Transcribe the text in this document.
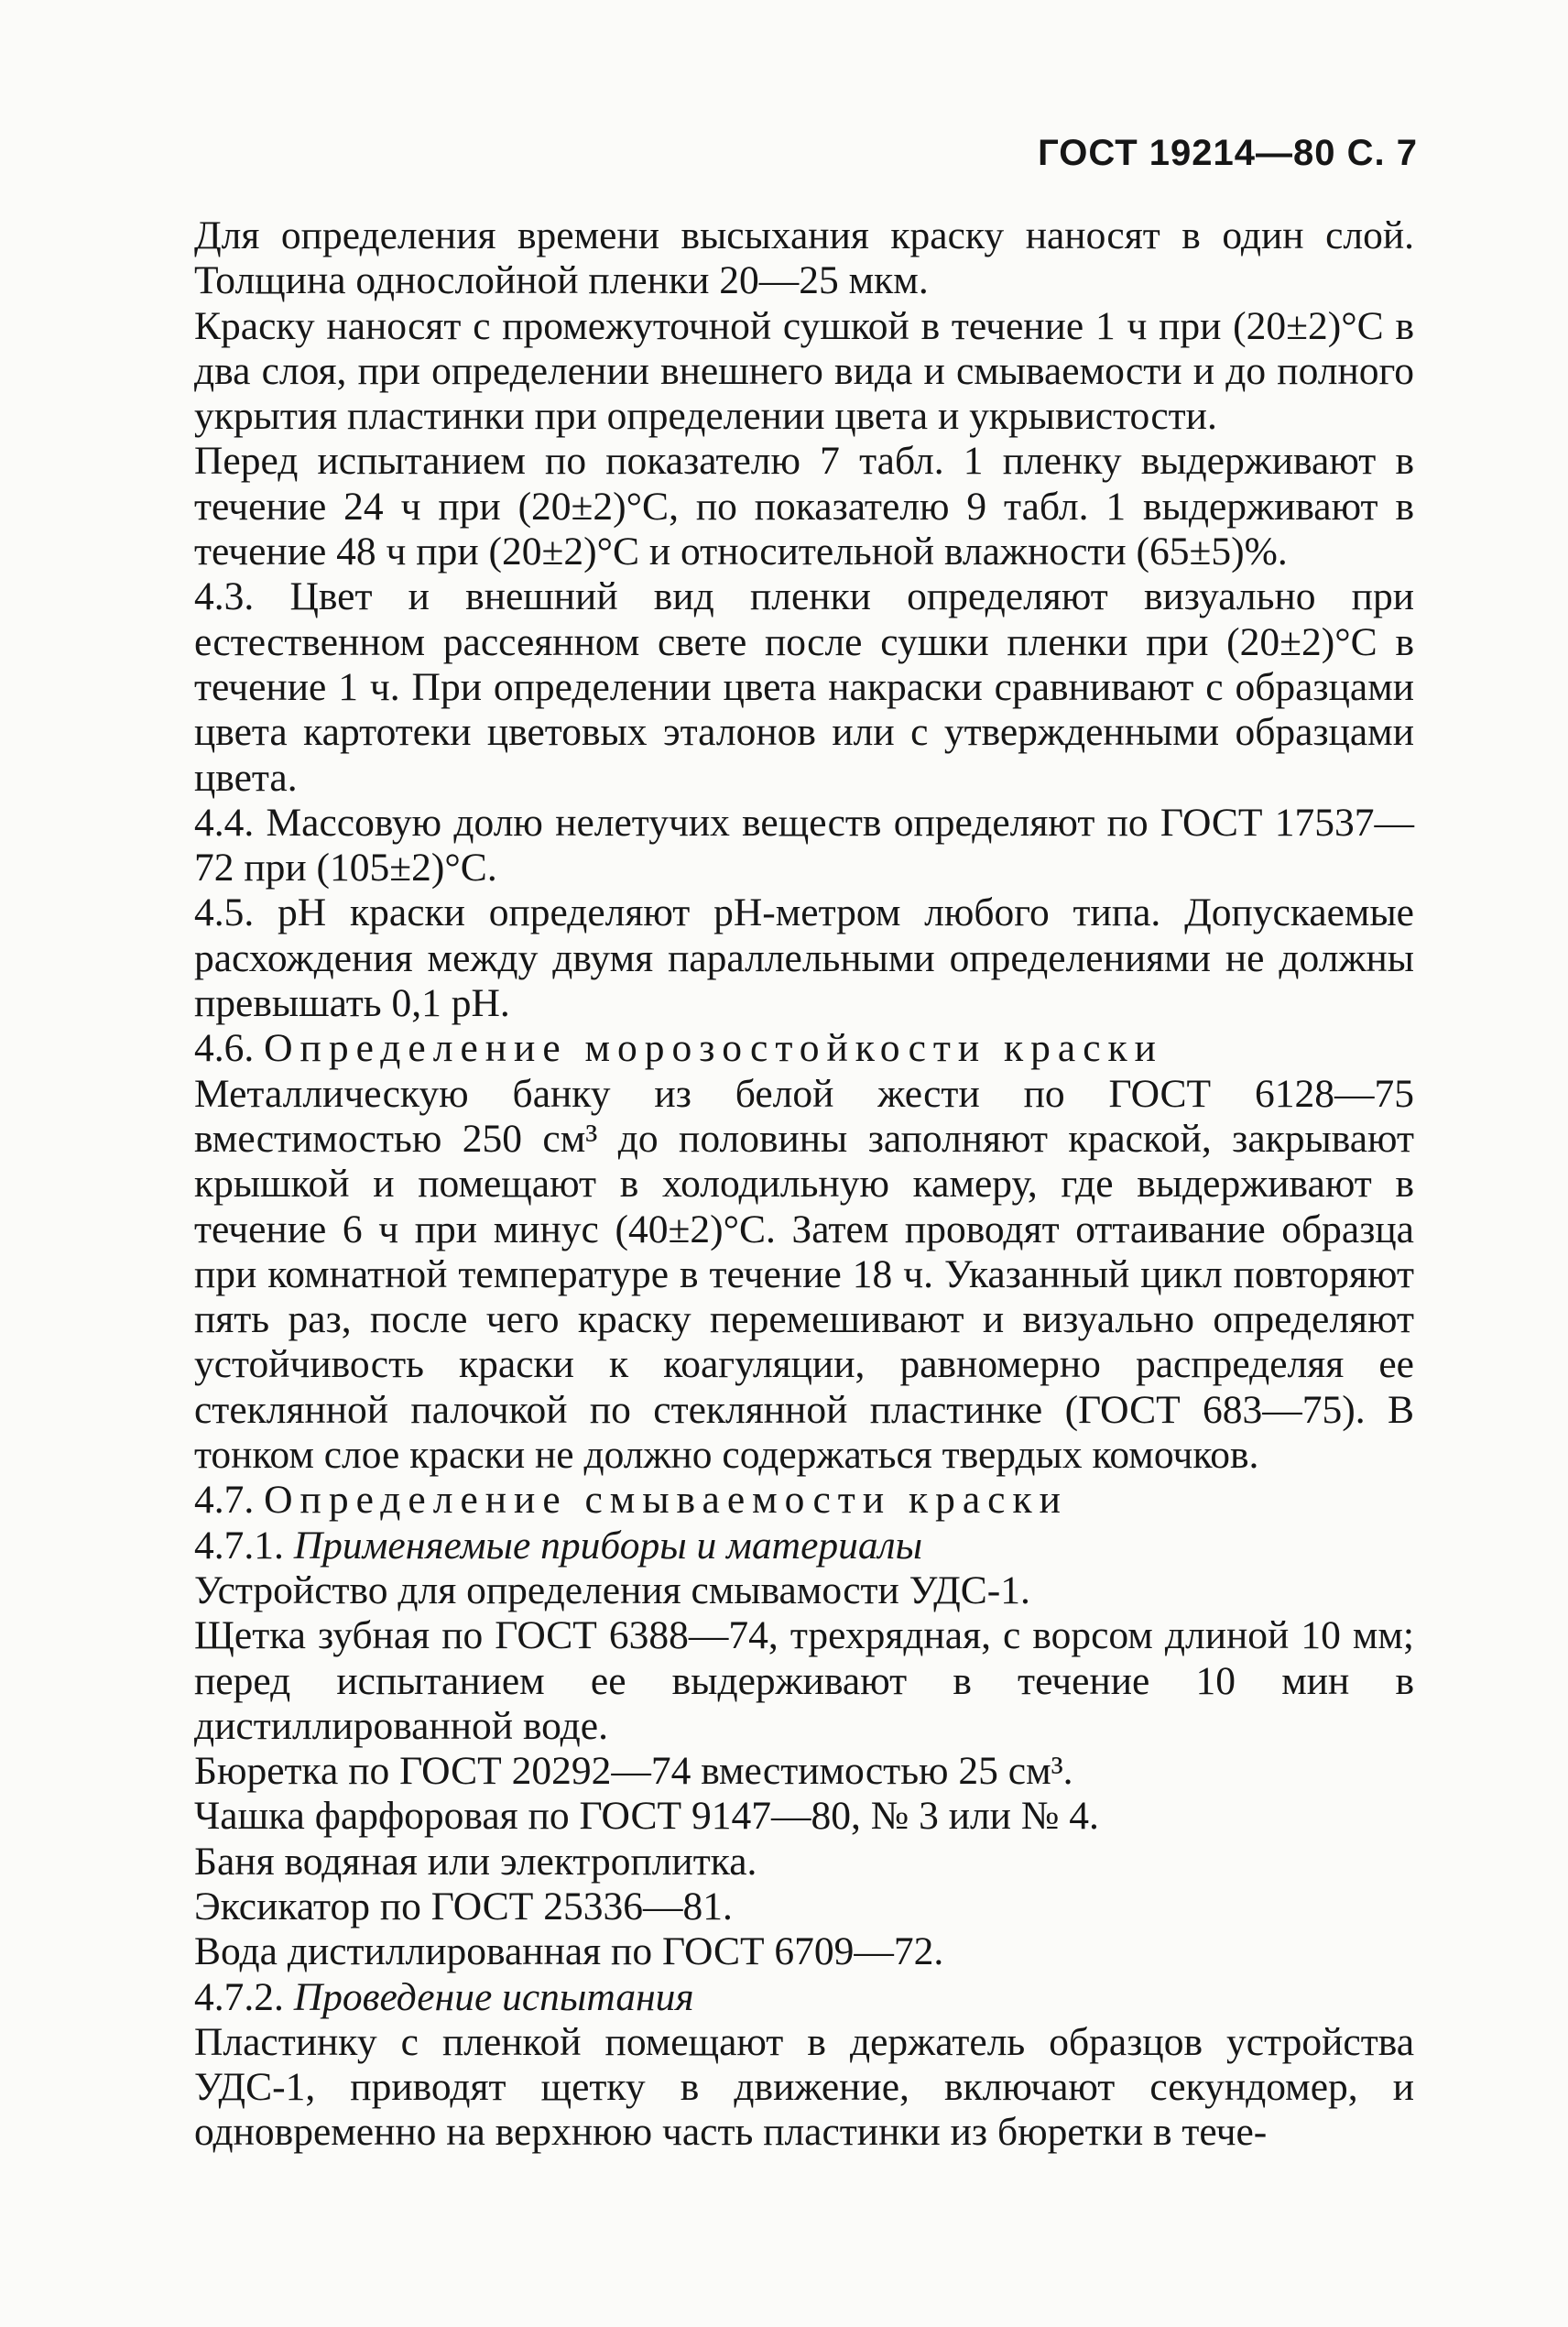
ГОСТ 19214—80 С. 7

Для определения времени высыхания краску наносят в один слой. Толщина однослойной пленки 20—25 мкм.

Краску наносят с промежуточной сушкой в течение 1 ч при (20±2)°С в два слоя, при определении внешнего вида и смываемости и до полного укрытия пластинки при определении цвета и укрывистости.

Перед испытанием по показателю 7 табл. 1 пленку выдерживают в течение 24 ч при (20±2)°С, по показателю 9 табл. 1 выдерживают в течение 48 ч при (20±2)°С и относительной влажности (65±5)%.

4.3. Цвет и внешний вид пленки определяют визуально при естественном рассеянном свете после сушки пленки при (20±2)°С в течение 1 ч. При определении цвета накраски сравнивают с образцами цвета картотеки цветовых эталонов или с утвержденными образцами цвета.

4.4. Массовую долю нелетучих веществ определяют по ГОСТ 17537—72 при (105±2)°С.

4.5. pH краски определяют pH-метром любого типа. Допускаемые расхождения между двумя параллельными определениями не должны превышать 0,1 pH.

4.6. Определение морозостойкости краски

Металлическую банку из белой жести по ГОСТ 6128—75 вместимостью 250 см³ до половины заполняют краской, закрывают крышкой и помещают в холодильную камеру, где выдерживают в течение 6 ч при минус (40±2)°С. Затем проводят оттаивание образца при комнатной температуре в течение 18 ч. Указанный цикл повторяют пять раз, после чего краску перемешивают и визуально определяют устойчивость краски к коагуляции, равномерно распределяя ее стеклянной палочкой по стеклянной пластинке (ГОСТ 683—75). В тонком слое краски не должно содержаться твердых комочков.

4.7. Определение смываемости краски

4.7.1. Применяемые приборы и материалы

Устройство для определения смывамости УДС-1.

Щетка зубная по ГОСТ 6388—74, трехрядная, с ворсом длиной 10 мм; перед испытанием ее выдерживают в течение 10 мин в дистиллированной воде.

Бюретка по ГОСТ 20292—74 вместимостью 25 см³.

Чашка фарфоровая по ГОСТ 9147—80, № 3 или № 4.

Баня водяная или электроплитка.

Эксикатор по ГОСТ 25336—81.

Вода дистиллированная по ГОСТ 6709—72.

4.7.2. Проведение испытания

Пластинку с пленкой помещают в держатель образцов устройства УДС-1, приводят щетку в движение, включают секундомер, и одновременно на верхнюю часть пластинки из бюретки в тече-
